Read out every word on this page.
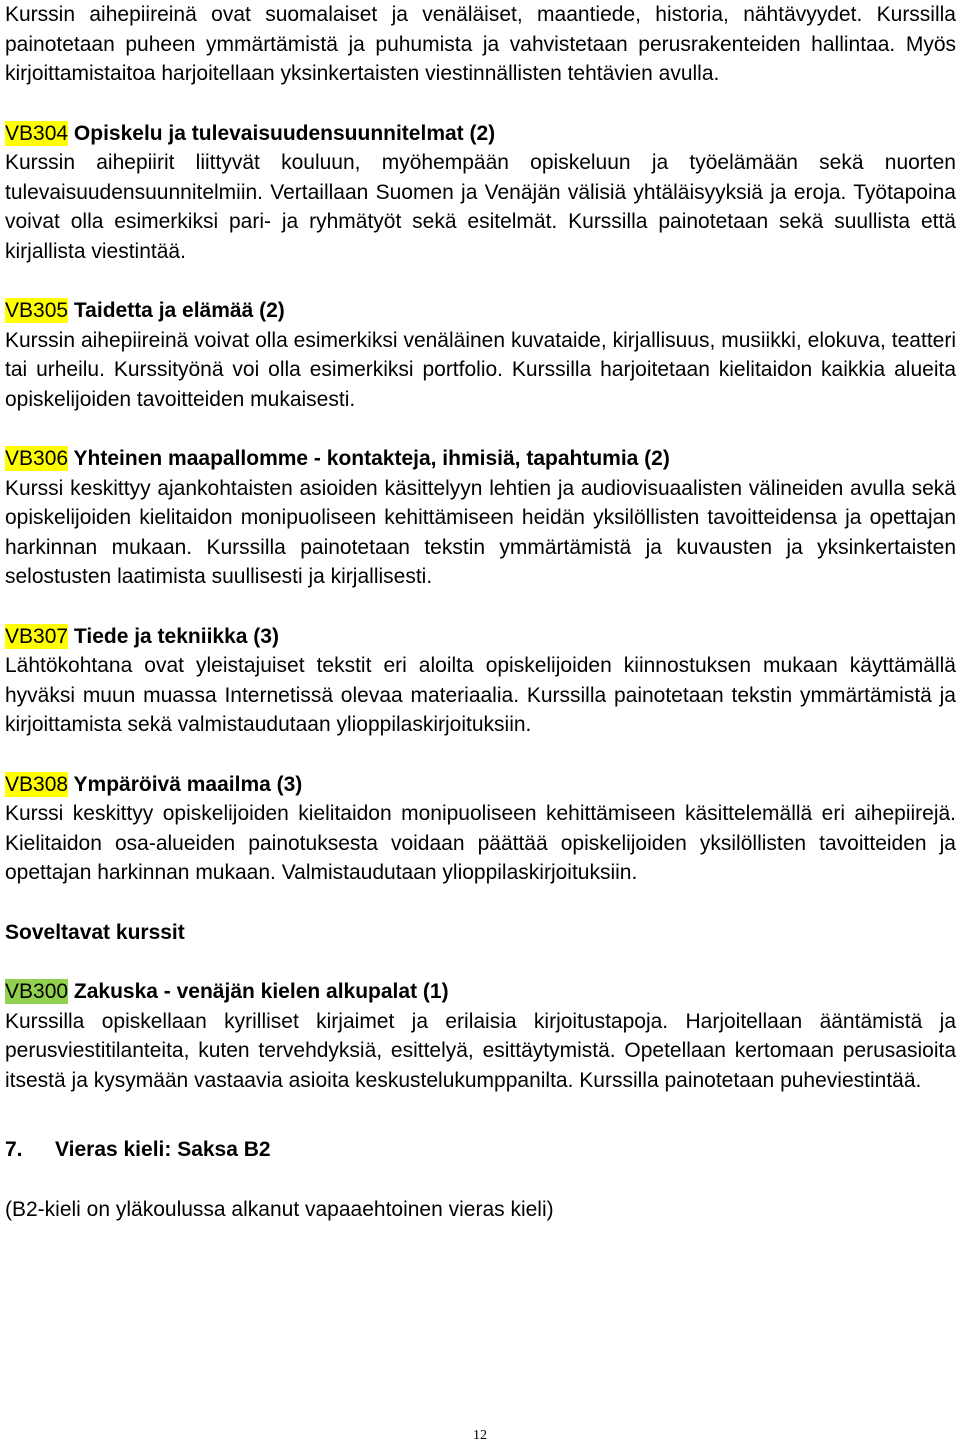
Kurssin aihepiireinä ovat suomalaiset ja venäläiset, maantiede, historia, nähtävyydet. Kurssilla painotetaan puheen ymmärtämistä ja puhumista ja vahvistetaan perusrakenteiden hallintaa. Myös kirjoittamistaitoa harjoitellaan yksinkertaisten viestinnällisten tehtävien avulla.

VB304 Opiskelu ja tulevaisuudensuunnitelmat (2)

Kurssin aihepiirit liittyvät kouluun, myöhempään opiskeluun ja työelämään sekä nuorten tulevaisuudensuunnitelmiin. Vertaillaan Suomen ja Venäjän välisiä yhtäläisyyksiä ja eroja. Työtapoina voivat olla esimerkiksi pari- ja ryhmätyöt sekä esitelmät. Kurssilla painotetaan sekä suullista että kirjallista viestintää.

VB305 Taidetta ja elämää (2)

Kurssin aihepiireinä voivat olla esimerkiksi venäläinen kuvataide, kirjallisuus, musiikki, elokuva, teatteri tai urheilu. Kurssityönä voi olla esimerkiksi portfolio. Kurssilla harjoitetaan kielitaidon kaikkia alueita opiskelijoiden tavoitteiden mukaisesti.

VB306 Yhteinen maapallomme - kontakteja, ihmisiä, tapahtumia (2)

Kurssi keskittyy ajankohtaisten asioiden käsittelyyn lehtien ja audiovisuaalisten välineiden avulla sekä opiskelijoiden kielitaidon monipuoliseen kehittämiseen heidän yksilöllisten tavoitteidensa ja opettajan harkinnan mukaan. Kurssilla painotetaan tekstin ymmärtämistä ja kuvausten ja yksinkertaisten selostusten laatimista suullisesti ja kirjallisesti.

VB307 Tiede ja tekniikka (3)

Lähtökohtana ovat yleistajuiset tekstit eri aloilta opiskelijoiden kiinnostuksen mukaan käyttämällä hyväksi muun muassa Internetissä olevaa materiaalia. Kurssilla painotetaan tekstin ymmärtämistä ja kirjoittamista sekä valmistaudutaan ylioppilaskirjoituksiin.

VB308 Ympäröivä maailma (3)

Kurssi keskittyy opiskelijoiden kielitaidon monipuoliseen kehittämiseen käsittelemällä eri aihepiirejä. Kielitaidon osa-alueiden painotuksesta voidaan päättää opiskelijoiden yksilöllisten tavoitteiden ja opettajan harkinnan mukaan. Valmistaudutaan ylioppilaskirjoituksiin.

Soveltavat kurssit
VB300 Zakuska - venäjän kielen alkupalat (1)

Kurssilla opiskellaan kyrilliset kirjaimet ja erilaisia kirjoitustapoja. Harjoitellaan ääntämistä ja perusviestitilanteita, kuten tervehdyksiä, esittelyä, esittäytymistä. Opetellaan kertomaan perusasioita itsestä ja kysymään vastaavia asioita keskustelukumppanilta. Kurssilla painotetaan puheviestintää.

7. Vieras kieli: Saksa B2
(B2-kieli on yläkoulussa alkanut vapaaehtoinen vieras kieli)
12
